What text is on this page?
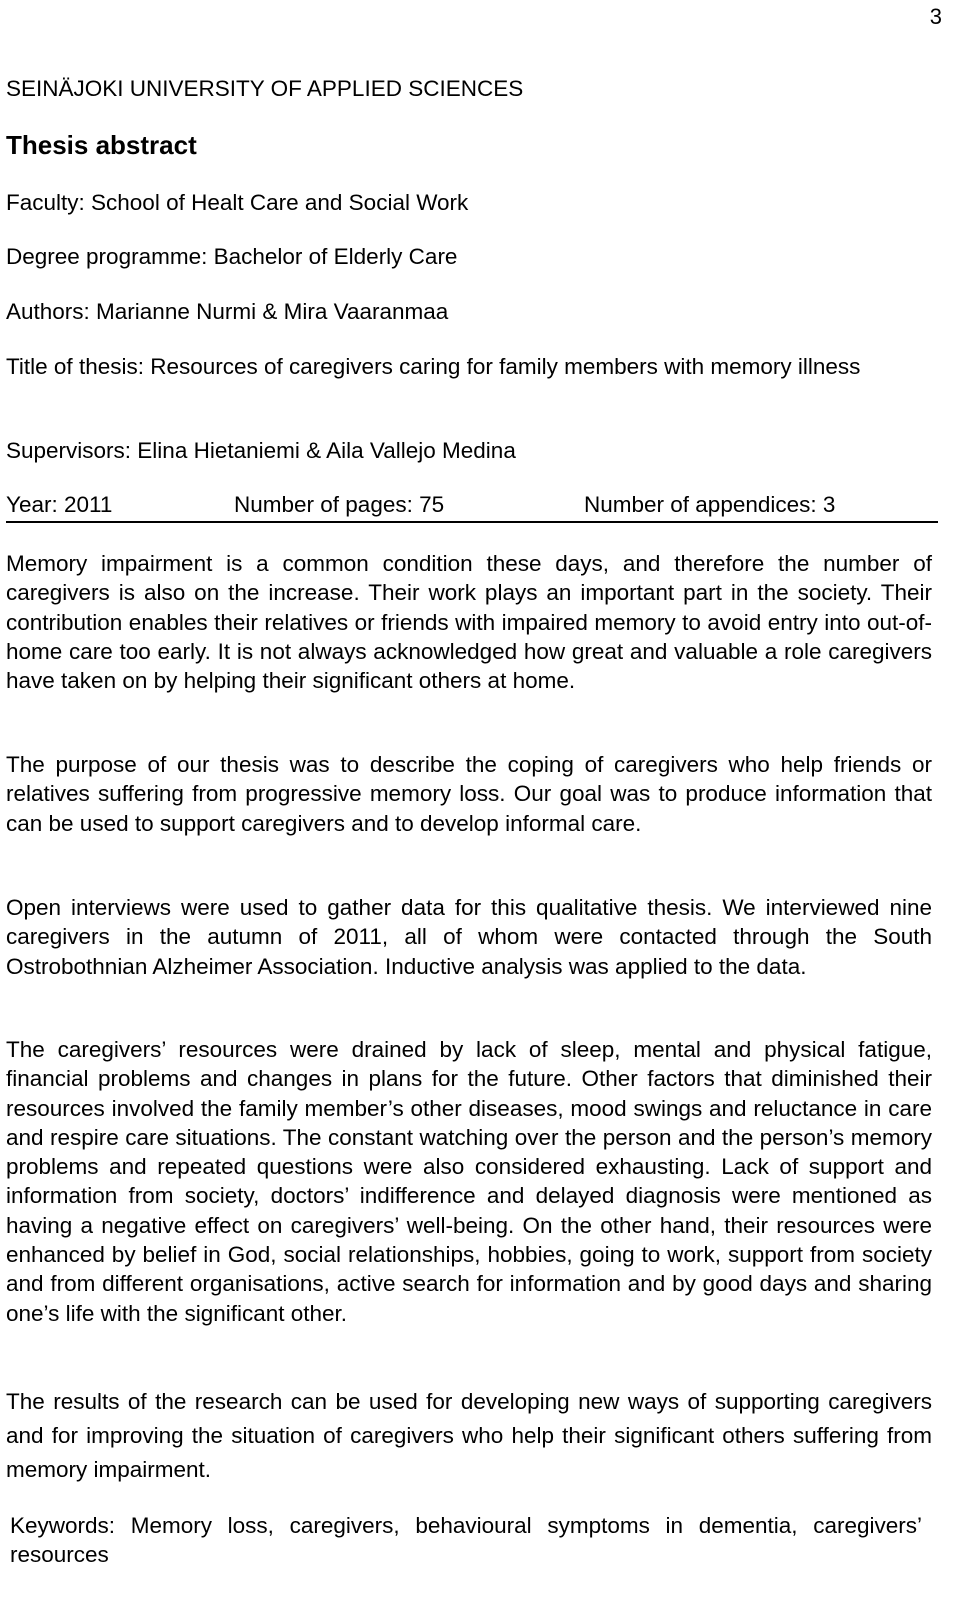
3
SEINÄJOKI UNIVERSITY OF APPLIED SCIENCES
Thesis abstract
Faculty: School of Healt Care and Social Work
Degree programme: Bachelor of Elderly Care
Authors: Marianne Nurmi & Mira Vaaranmaa
Title of thesis: Resources of caregivers caring for family members with memory illness
Supervisors: Elina Hietaniemi & Aila Vallejo Medina
Year: 2011	Number of pages: 75	Number of appendices: 3

Memory impairment is a common condition these days, and therefore the number of caregivers is also on the increase. Their work plays an important part in the society. Their contribution enables their relatives or friends with impaired memory to avoid entry into out-of-home care too early. It is not always acknowledged how great and valuable a role caregivers have taken on by helping their significant others at home.

The purpose of our thesis was to describe the coping of caregivers who help friends or relatives suffering from progressive memory loss. Our goal was to produce information that can be used to support caregivers and to develop informal care.

Open interviews were used to gather data for this qualitative thesis. We interviewed nine caregivers in the autumn of 2011, all of whom were contacted through the South Ostrobothnian Alzheimer Association. Inductive analysis was applied to the data.

The caregivers’ resources were drained by lack of sleep, mental and physical fatigue, financial problems and changes in plans for the future. Other factors that diminished their resources involved the family member’s other diseases, mood swings and reluctance in care and respire care situations. The constant watching over the person and the person’s memory problems and repeated questions were also considered exhausting. Lack of support and information from society, doctors’ indifference and delayed diagnosis were mentioned as having a negative effect on caregivers’ well-being. On the other hand, their resources were enhanced by belief in God, social relationships, hobbies, going to work, support from society and from different organisations, active search for information and by good days and sharing one’s life with the significant other.

The results of the research can be used for developing new ways of supporting caregivers and for improving the situation of caregivers who help their significant others suffering from memory impairment.

Keywords: Memory loss, caregivers, behavioural symptoms in dementia, caregivers’ resources
